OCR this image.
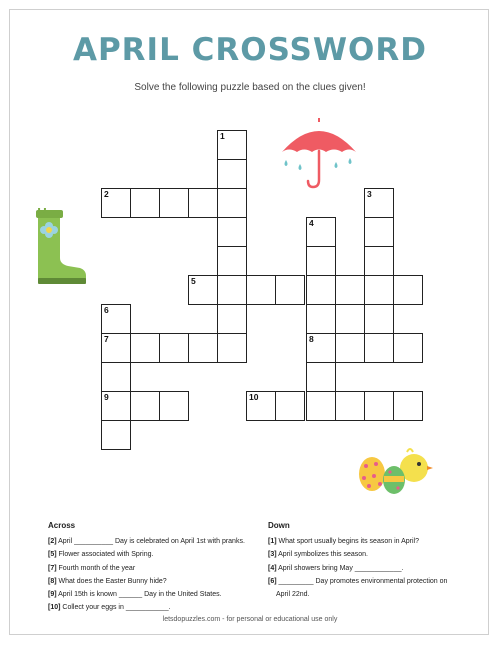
APRIL CROSSWORD
Solve the following puzzle based on the clues given!
1
2	3
4
5
6
7	8
9	10
Across
[2] April __________ Day is celebrated on April 1st with pranks.
[5] Flower associated with Spring.
[7] Fourth month of the year
[8] What does the Easter Bunny hide?
[9] April 15th is known ______ Day in the United States.
[10] Collect your eggs in ___________.
Down
[1] What sport usually begins its season in April?
[3] April symbolizes this season.
[4] April showers bring May ____________.
[6] _________ Day promotes environmental protection on
April 22nd.
letsdopuzzles.com - for personal or educational use only
